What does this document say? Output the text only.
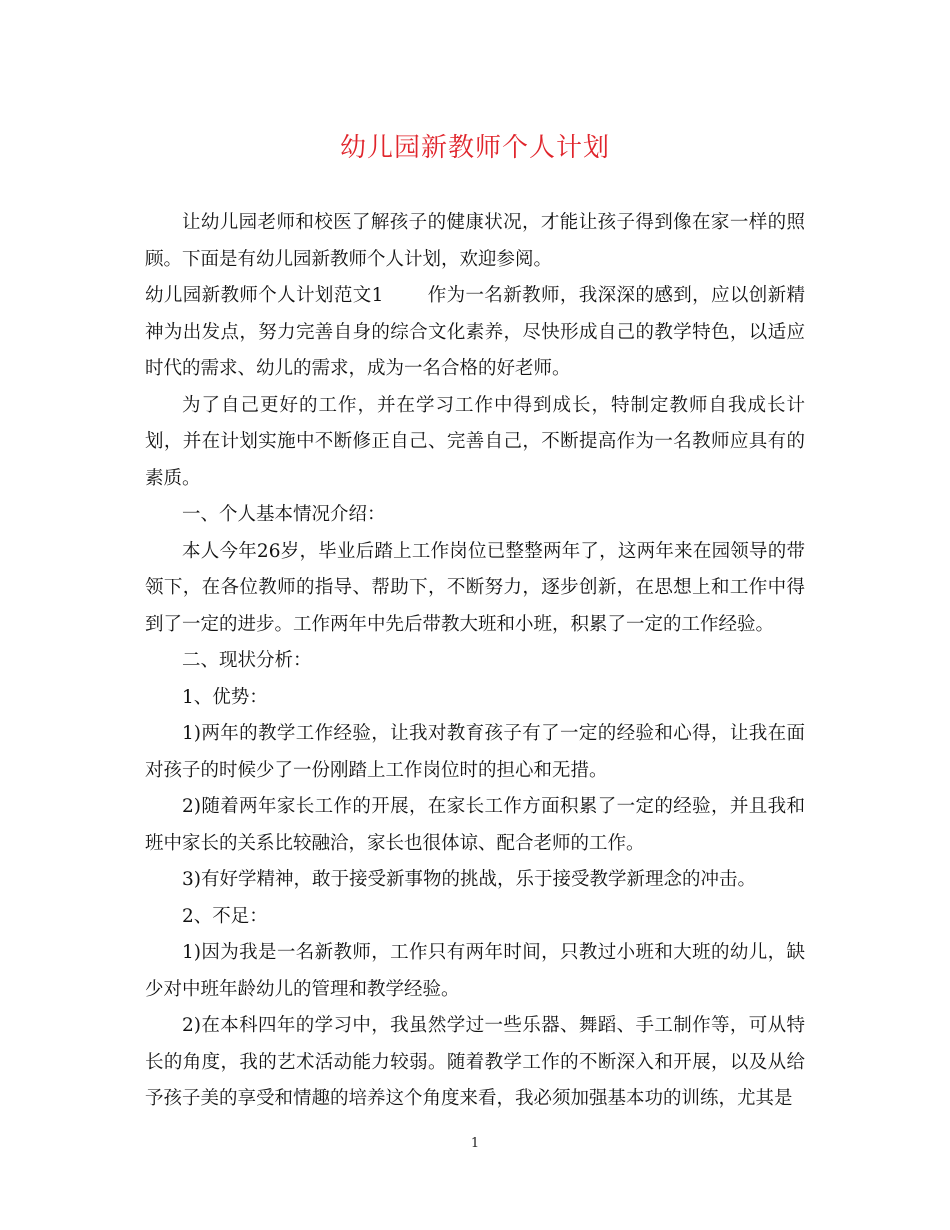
幼儿园新教师个人计划

让幼儿园老师和校医了解孩子的健康状况，才能让孩子得到像在家一样的照顾。下面是有幼儿园新教师个人计划，欢迎参阅。

幼儿园新教师个人计划范文1 作为一名新教师，我深深的感到，应以创新精神为出发点，努力完善自身的综合文化素养，尽快形成自己的教学特色，以适应时代的需求、幼儿的需求，成为一名合格的好老师。

为了自己更好的工作，并在学习工作中得到成长，特制定教师自我成长计划，并在计划实施中不断修正自己、完善自己，不断提高作为一名教师应具有的素质。

一、个人基本情况介绍：

本人今年26岁，毕业后踏上工作岗位已整整两年了，这两年来在园领导的带领下，在各位教师的指导、帮助下，不断努力，逐步创新，在思想上和工作中得到了一定的进步。工作两年中先后带教大班和小班，积累了一定的工作经验。

二、现状分析：

1、优势：

1)两年的教学工作经验，让我对教育孩子有了一定的经验和心得，让我在面对孩子的时候少了一份刚踏上工作岗位时的担心和无措。

2)随着两年家长工作的开展，在家长工作方面积累了一定的经验，并且我和班中家长的关系比较融洽，家长也很体谅、配合老师的工作。

3)有好学精神，敢于接受新事物的挑战，乐于接受教学新理念的冲击。

2、不足：

1)因为我是一名新教师，工作只有两年时间，只教过小班和大班的幼儿，缺少对中班年龄幼儿的管理和教学经验。

2)在本科四年的学习中，我虽然学过一些乐器、舞蹈、手工制作等，可从特长的角度，我的艺术活动能力较弱。随着教学工作的不断深入和开展，以及从给予孩子美的享受和情趣的培养这个角度来看，我必须加强基本功的训练，尤其是

1
